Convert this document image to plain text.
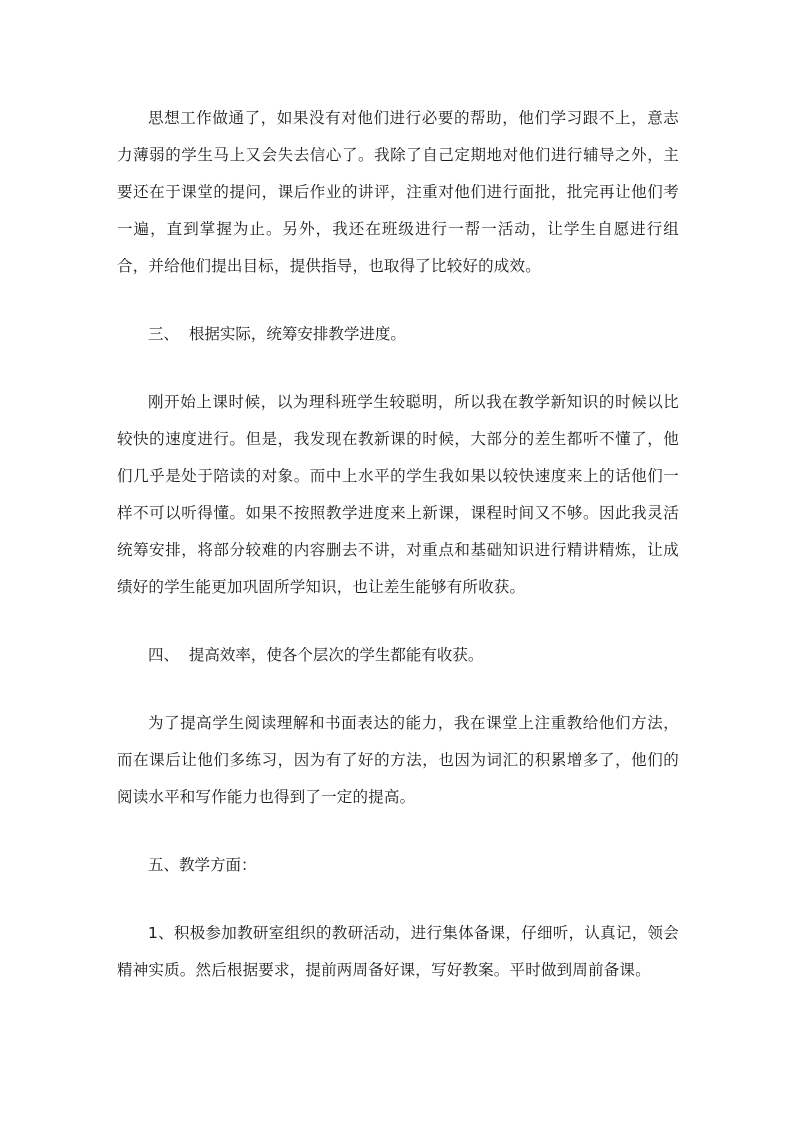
思想工作做通了，如果没有对他们进行必要的帮助，他们学习跟不上，意志力薄弱的学生马上又会失去信心了。我除了自己定期地对他们进行辅导之外，主要还在于课堂的提问，课后作业的讲评，注重对他们进行面批，批完再让他们考一遍，直到掌握为止。另外，我还在班级进行一帮一活动，让学生自愿进行组合，并给他们提出目标，提供指导，也取得了比较好的成效。

三、  根据实际，统筹安排教学进度。

刚开始上课时候，以为理科班学生较聪明，所以我在教学新知识的时候以比较快的速度进行。但是，我发现在教新课的时候，大部分的差生都听不懂了，他们几乎是处于陪读的对象。而中上水平的学生我如果以较快速度来上的话他们一样不可以听得懂。如果不按照教学进度来上新课，课程时间又不够。因此我灵活统筹安排，将部分较难的内容删去不讲，对重点和基础知识进行精讲精炼，让成绩好的学生能更加巩固所学知识，也让差生能够有所收获。

四、  提高效率，使各个层次的学生都能有收获。

为了提高学生阅读理解和书面表达的能力，我在课堂上注重教给他们方法，而在课后让他们多练习，因为有了好的方法，也因为词汇的积累增多了，他们的阅读水平和写作能力也得到了一定的提高。

五、教学方面：

1、积极参加教研室组织的教研活动，进行集体备课，仔细听，认真记，领会精神实质。然后根据要求，提前两周备好课，写好教案。平时做到周前备课。
